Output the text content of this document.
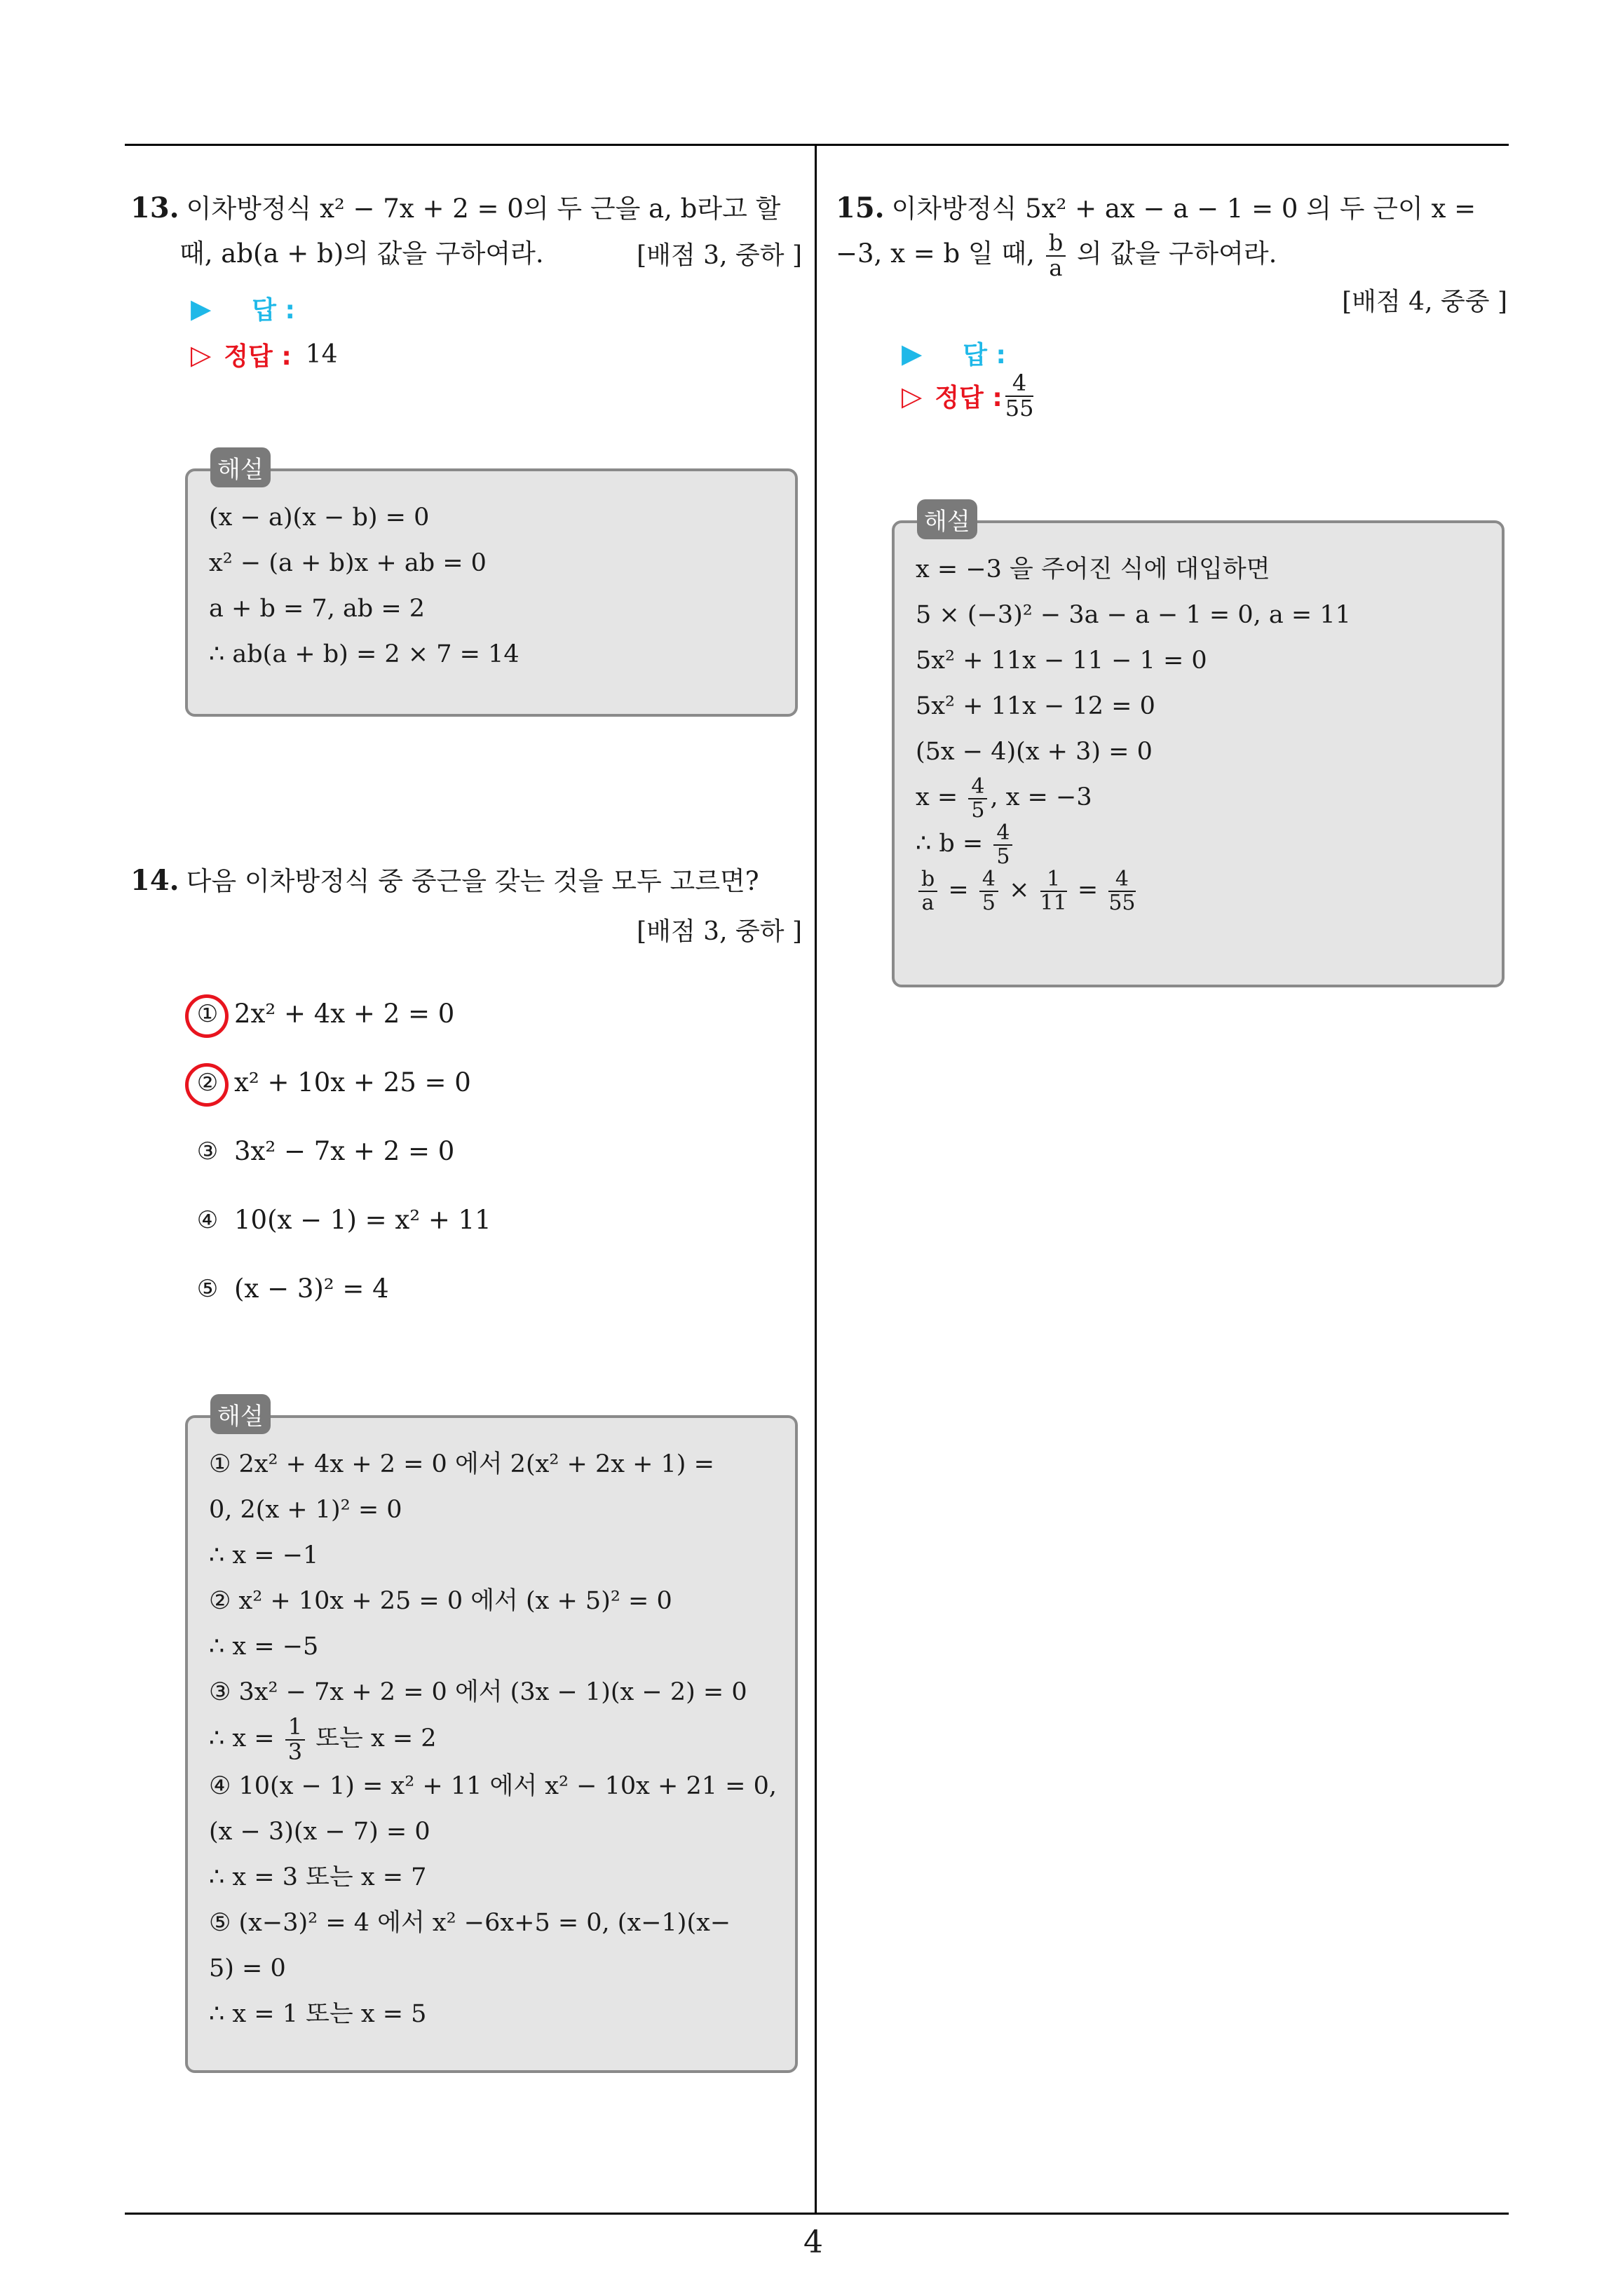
4
13. 이차방정식 x² − 7x + 2 = 0의 두 근을 a, b라고 할
때, ab(a + b)의 값을 구하여라.	[배점 3, 중하 ]
▶ 답 :
▷ 정답 : 14
(x − a)(x − b) = 0
x² − (a + b)x + ab = 0
a + b = 7, ab = 2
∴ ab(a + b) = 2 × 7 = 14
해설
14. 다음 이차방정식 중 중근을 갖는 것을 모두 고르면?
[배점 3, 중하 ]
① 2x² + 4x + 2 = 0
② x² + 10x + 25 = 0
③ 3x² − 7x + 2 = 0
④ 10(x − 1) = x² + 11
⑤ (x − 3)² = 4
① 2x² + 4x + 2 = 0 에서 2(x² + 2x + 1) =
0, 2(x + 1)² = 0
∴ x = −1
② x² + 10x + 25 = 0 에서 (x + 5)² = 0
∴ x = −5
③ 3x² − 7x + 2 = 0 에서 (3x − 1)(x − 2) = 0
∴ $x = \frac{1}{3}$ 또는 x = 2
④ 10(x − 1) = x² + 11 에서 x² − 10x + 21 = 0,
(x − 3)(x − 7) = 0
∴ x = 3 또는 x = 7
⑤ (x−3)² = 4 에서 x² −6x+5 = 0, (x−1)(x−
5) = 0
∴ x = 1 또는 x = 5
해설
15. 이차방정식 5x² + ax − a − 1 = 0 의 두 근이 x =
−3, x = b 일 때, $\frac{b}{a}$ 의 값을 구하여라.
[배점 4, 중중 ]
▶ 답 :
▷ 정답 : $\frac{4}{55}$
x = −3 을 주어진 식에 대입하면
5 × (−3)² − 3a − a − 1 = 0, a = 11
5x² + 11x − 11 − 1 = 0
5x² + 11x − 12 = 0
(5x − 4)(x + 3) = 0
$x = \frac{4}{5}$ , x = −3
∴ $b = \frac{4}{5}$
$\frac{b}{a} = \frac{4}{5} \times \frac{1}{11} = \frac{4}{55}$
해설
